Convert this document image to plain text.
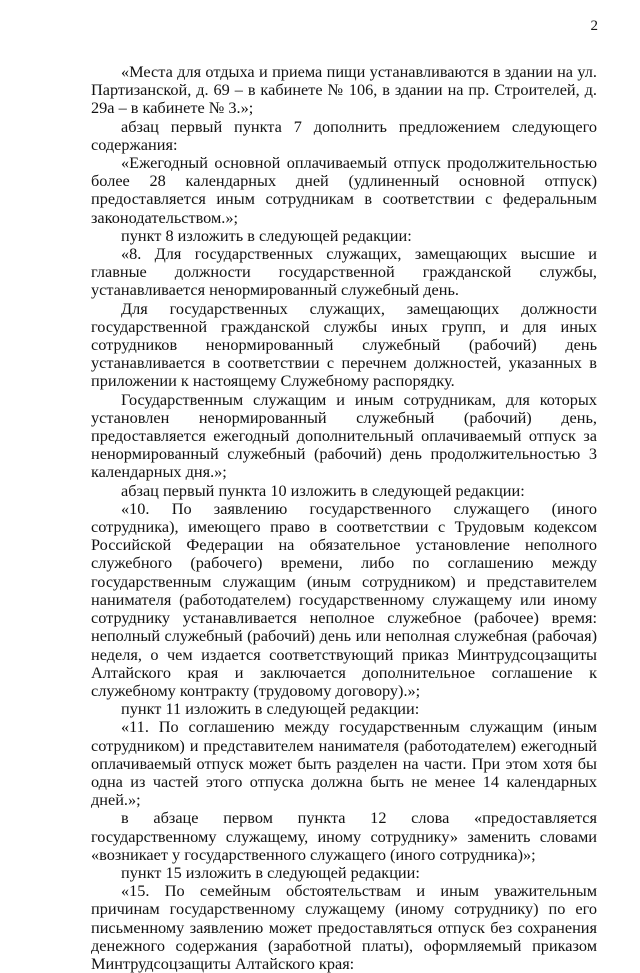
2

«Места для отдыха и приема пищи устанавливаются в здании на ул. Партизанской, д. 69 – в кабинете № 106, в здании на пр. Строителей, д. 29а – в кабинете № 3.»;

абзац первый пункта 7 дополнить предложением следующего содержания:

«Ежегодный основной оплачиваемый отпуск продолжительностью более 28 календарных дней (удлиненный основной отпуск) предоставляется иным сотрудникам в соответствии с федеральным законодательством.»;

пункт 8 изложить в следующей редакции:

«8. Для государственных служащих, замещающих высшие и главные должности государственной гражданской службы, устанавливается ненормированный служебный день.

Для государственных служащих, замещающих должности государственной гражданской службы иных групп, и для иных сотрудников ненормированный служебный (рабочий) день устанавливается в соответствии с перечнем должностей, указанных в приложении к настоящему Служебному распорядку.

Государственным служащим и иным сотрудникам, для которых установлен ненормированный служебный (рабочий) день, предоставляется ежегодный дополнительный оплачиваемый отпуск за ненормированный служебный (рабочий) день продолжительностью 3 календарных дня.»;

абзац первый пункта 10 изложить в следующей редакции:

«10. По заявлению государственного служащего (иного сотрудника), имеющего право в соответствии с Трудовым кодексом Российской Федерации на обязательное установление неполного служебного (рабочего) времени, либо по соглашению между государственным служащим (иным сотрудником) и представителем нанимателя (работодателем) государственному служащему или иному сотруднику устанавливается неполное служебное (рабочее) время: неполный служебный (рабочий) день или неполная служебная (рабочая) неделя, о чем издается соответствующий приказ Минтрудсоцзащиты Алтайского края и заключается дополнительное соглашение к служебному контракту (трудовому договору).»;

пункт 11 изложить в следующей редакции:

«11. По соглашению между государственным служащим (иным сотрудником) и представителем нанимателя (работодателем) ежегодный оплачиваемый отпуск может быть разделен на части. При этом хотя бы одна из частей этого отпуска должна быть не менее 14 календарных дней.»;

в абзаце первом пункта 12 слова «предоставляется государственному служащему, иному сотруднику» заменить словами «возникает у государственного служащего (иного сотрудника)»;

пункт 15 изложить в следующей редакции:

«15. По семейным обстоятельствам и иным уважительным причинам государственному служащему (иному сотруднику) по его письменному заявлению может предоставляться отпуск без сохранения денежного содержания (заработной платы), оформляемый приказом Минтрудсоцзащиты Алтайского края:
